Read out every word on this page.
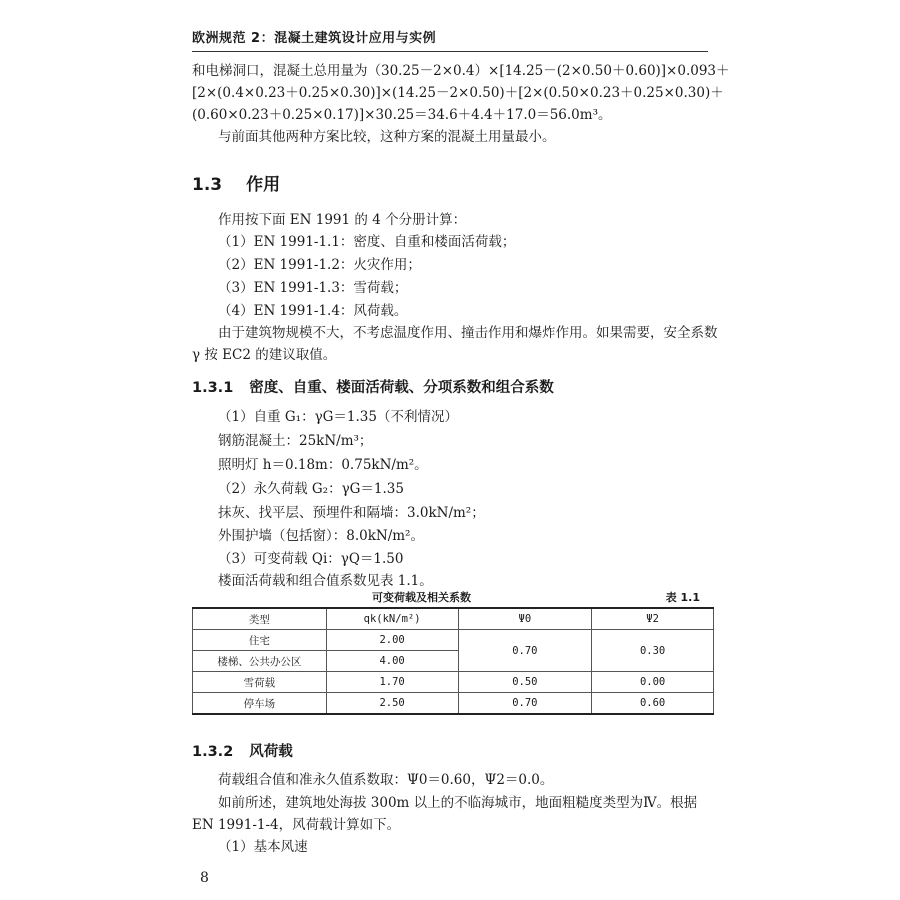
欧洲规范 2：混凝土建筑设计应用与实例
和电梯洞口，混凝土总用量为（30.25－2×0.4）×[14.25－(2×0.50＋0.60)]×0.093＋
[2×(0.4×0.23＋0.25×0.30)]×(14.25－2×0.50)＋[2×(0.50×0.23＋0.25×0.30)＋
(0.60×0.23＋0.25×0.17)]×30.25＝34.6＋4.4＋17.0＝56.0m³。
与前面其他两种方案比较，这种方案的混凝土用量最小。
1.3 作用
作用按下面 EN 1991 的 4 个分册计算：
（1）EN 1991-1.1：密度、自重和楼面活荷载；
（2）EN 1991-1.2：火灾作用；
（3）EN 1991-1.3：雪荷载；
（4）EN 1991-1.4：风荷载。
由于建筑物规模不大，不考虑温度作用、撞击作用和爆炸作用。如果需要，安全系数
γ 按 EC2 的建议取值。
1.3.1 密度、自重、楼面活荷载、分项系数和组合系数
（1）自重 G₁：γG＝1.35（不利情况）
钢筋混凝土：25kN/m³；
照明灯 h＝0.18m：0.75kN/m²。
（2）永久荷载 G₂：γG＝1.35
抹灰、找平层、预埋件和隔墙：3.0kN/m²；
外围护墙（包括窗）：8.0kN/m²。
（3）可变荷载 Qi：γQ＝1.50
楼面活荷载和组合值系数见表 1.1。
可变荷载及相关系数	表 1.1
类型	qk(kN/m²)	Ψ0	Ψ2
住宅	2.00	0.70	0.30
楼梯、公共办公区	4.00		
雪荷载	1.70	0.50	0.00
停车场	2.50	0.70	0.60
1.3.2 风荷载
荷载组合值和准永久值系数取：Ψ0＝0.60，Ψ2＝0.0。
如前所述，建筑地处海拔 300m 以上的不临海城市，地面粗糙度类型为Ⅳ。根据
EN 1991-1-4，风荷载计算如下。
（1）基本风速
8
